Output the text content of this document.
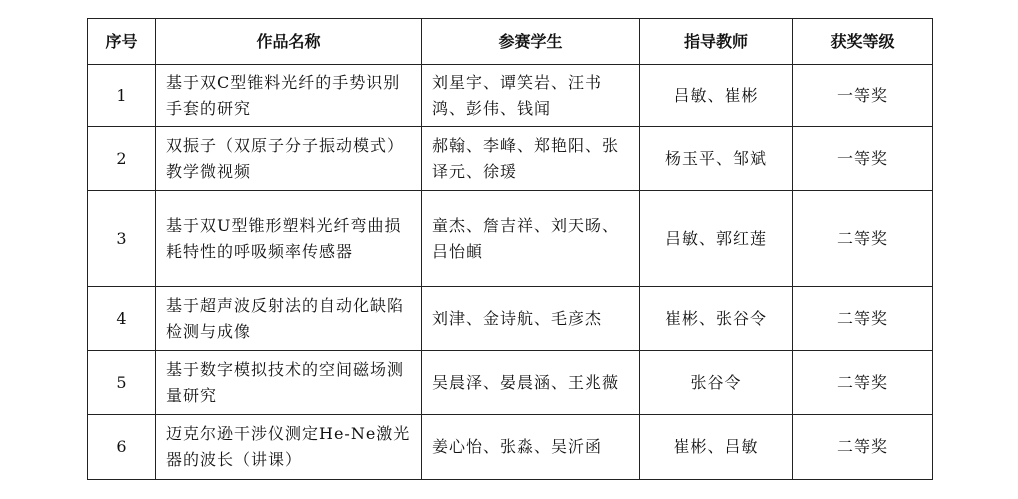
序号	作品名称	参赛学生	指导教师	获奖等级
1	基于双C型锥料光纤的手势识别手套的研究	刘星宇、谭笑岩、汪书鸿、彭伟、钱闻	吕敏、崔彬	一等奖
2	双振子（双原子分子振动模式）教学微视频	郝翰、李峰、郑艳阳、张译元、徐瑗	杨玉平、邹斌	一等奖
3	基于双U型锥形塑料光纤弯曲损耗特性的呼吸频率传感器	童杰、詹吉祥、刘天旸、吕怡頔	吕敏、郭红莲	二等奖
4	基于超声波反射法的自动化缺陷检测与成像	刘津、金诗航、毛彦杰	崔彬、张谷令	二等奖
5	基于数字模拟技术的空间磁场测量研究	吴晨泽、晏晨涵、王兆薇	张谷令	二等奖
6	迈克尔逊干涉仪测定He-Ne激光器的波长（讲课）	姜心怡、张淼、吴沂函	崔彬、吕敏	二等奖
